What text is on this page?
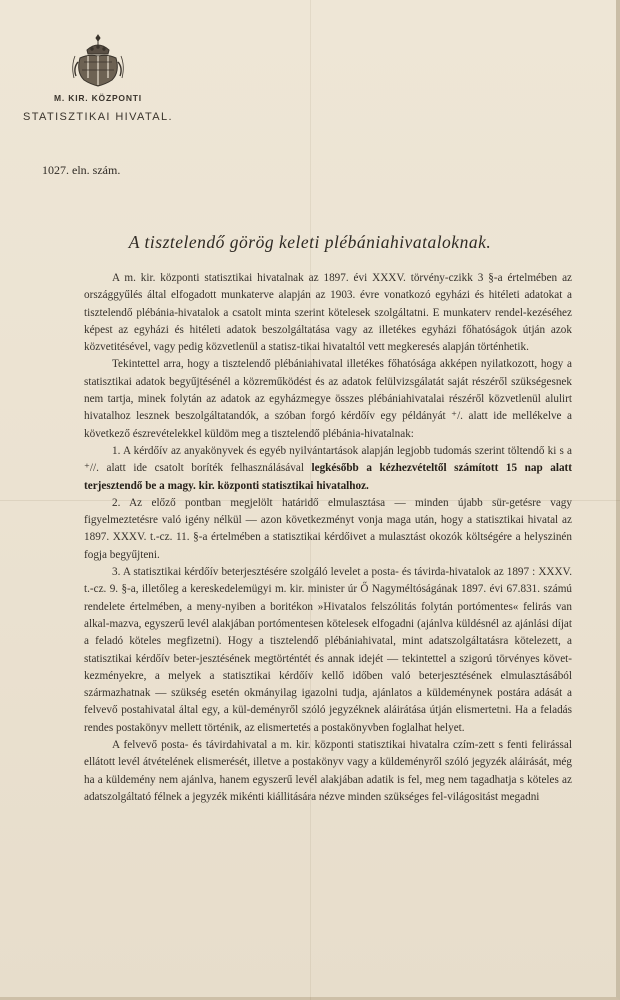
M. KIR. KÖZPONTI
STATISZTIKAI HIVATAL.
1027. eln. szám.
A tisztelendő görög keleti plébániahivataloknak.

A m. kir. központi statisztikai hivatalnak az 1897. évi XXXV. törvény-czikk 3 §-a értelmében az országgyűlés által elfogadott munkaterve alapján az 1903. évre vonatkozó egyházi és hitéleti adatokat a tisztelendő plébánia-hivatalok a csatolt minta szerint kötelesek szolgáltatni. E munkaterv rendel-kezéséhez képest az egyházi és hitéleti adatok beszolgáltatása vagy az illetékes egyházi főhatóságok útján azok közvetitésével, vagy pedig közvetlenül a statisz-tikai hivataltól vett megkeresés alapján történhetik.

Tekintettel arra, hogy a tisztelendő plébániahivatal illetékes főhatósága akképen nyilatkozott, hogy a statisztikai adatok begyűjtésénél a közreműködést és az adatok felülvizsgálatát saját részéről szükségesnek nem tartja, minek folytán az adatok az egyházmegye összes plébániahivatalai részéről közvetlenül alulirt hivatalhoz lesznek beszolgáltatandók, a szóban forgó kérdőív egy példányát ⁺/. alatt ide mellékelve a következő észrevételekkel küldöm meg a tisztelendő plébánia-hivatalnak:

1. A kérdőív az anyakönyvek és egyéb nyilvántartások alapján legjobb tudomás szerint töltendő ki s a ⁺//. alatt ide csatolt boríték felhasználásával legkésőbb a kézhezvételtől számított 15 nap alatt terjesztendő be a magy. kir. központi statisztikai hivatalhoz.

2. Az előző pontban megjelölt határidő elmulasztása — minden újabb sür-getésre vagy figyelmeztetésre való igény nélkül — azon következményt vonja maga után, hogy a statisztikai hivatal az 1897. XXXV. t.-cz. 11. §-a értelmében a statisztikai kérdőivet a mulasztást okozók költségére a helyszinén fogja begyűjteni.

3. A statisztikai kérdőív beterjesztésére szolgáló levelet a posta- és távirda-hivatalok az 1897 : XXXV. t.-cz. 9. §-a, illetőleg a kereskedelemügyi m. kir. minister úr Ő Nagyméltóságának 1897. évi 67.831. számú rendelete értelmében, a meny-nyiben a boritékon »Hivatalos felszólitás folytán portómentes« felirás van alkal-mazva, egyszerű levél alakjában portómentesen kötelesek elfogadni (ajánlva küldésnél az ajánlási díjat a feladó köteles megfizetni). Hogy a tisztelendő plébániahivatal, mint adatszolgáltatásra kötelezett, a statisztikai kérdőív beter-jesztésének megtörténtét és annak idejét — tekintettel a szigorú törvényes követ-kezményekre, a melyek a statisztikai kérdőív kellő időben való beterjesztésének elmulasztásából származhatnak — szükség esetén okmányilag igazolni tudja, ajánlatos a küldeménynek postára adását a felvevő postahivatal által egy, a kül-deményről szóló jegyzéknek aláirátása útján elismertetni. Ha a feladás rendes postakönyv mellett történik, az elismertetés a postakönyvben foglalhat helyet.

A felvevő posta- és távirdahivatal a m. kir. központi statisztikai hivatalra czím-zett s fenti felirással ellátott levél átvételének elismerését, illetve a postakönyv vagy a küldeményről szóló jegyzék aláirását, még ha a küldemény nem ajánlva, hanem egyszerű levél alakjában adatik is fel, meg nem tagadhatja s köteles az adatszolgáltató félnek a jegyzék mikénti kiállitására nézve minden szükséges fel-világositást megadni
